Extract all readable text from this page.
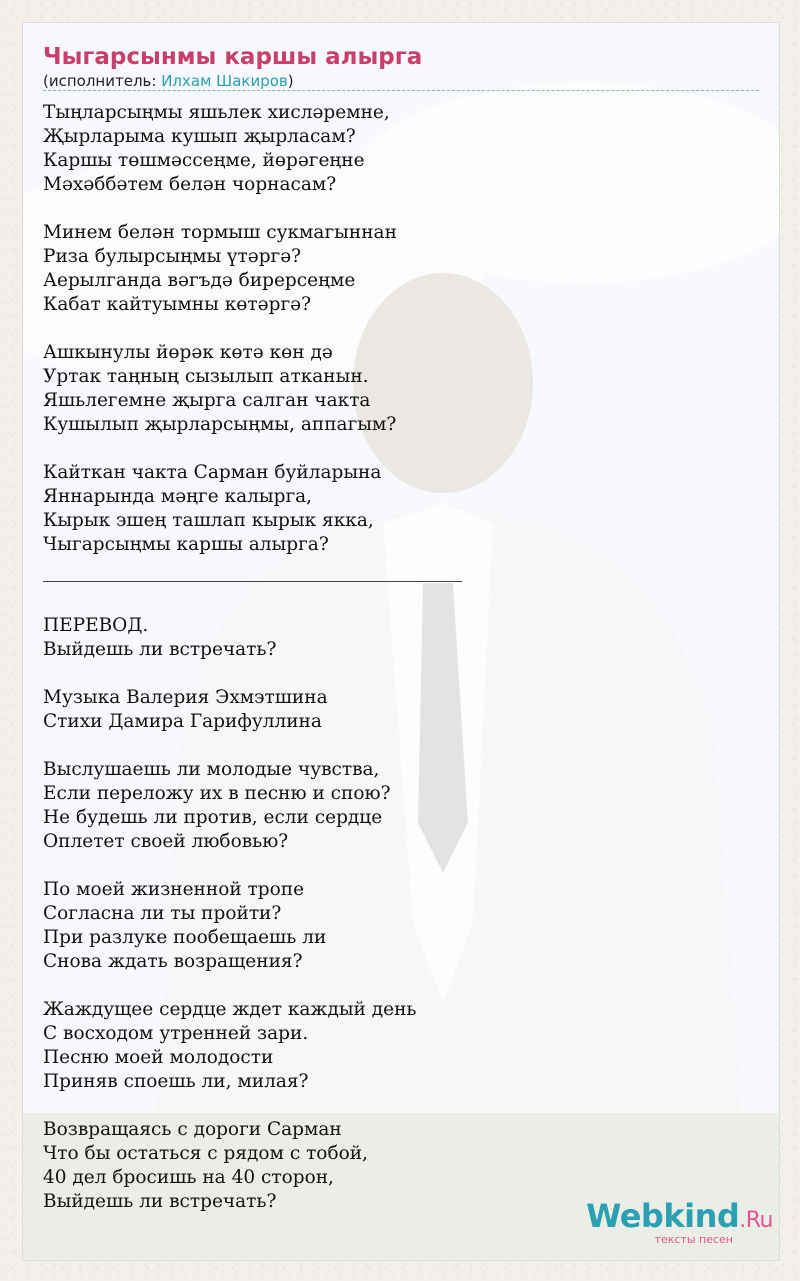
Чыгарсынмы каршы алырга
(исполнитель: Илхам Шакиров)
Тыңларсыңмы яшьлек хисләремне,
Җырларыма кушып җырласам?
Каршы төшмәссеңме, йөрәгеңне
Мәхәббәтем белән чорнасам?
Минем белән тормыш сукмагыннан
Риза булырсыңмы үтәргә?
Аерылганда вәгъдә бирерсеңме
Кабат кайтуымны көтәргә?
Ашкынулы йөрәк көтә көн дә
Уртак таңның сызылып атканын.
Яшьлегемне җырга салган чакта
Кушылып җырларсыңмы, аппагым?
Кайткан чакта Сарман буйларына
Яннарында мәңге калырга,
Кырык эшең ташлап кырык якка,
Чыгарсыңмы каршы алырга?
ПЕРЕВОД.
Выйдешь ли встречать?
Музыка Валерия Эхмэтшина
Стихи Дамира Гарифуллина
Выслушаешь ли молодые чувства,
Если переложу их в песню и спою?
Не будешь ли против, если сердце
Оплетет своей любовью?
По моей жизненной тропе
Согласна ли ты пройти?
При разлуке пообещаешь ли
Снова ждать возращения?
Жаждущее сердце ждет каждый день
С восходом утренней зари.
Песню моей молодости
Приняв споешь ли, милая?
Возвращаясь с дороги Сарман
Что бы остаться с рядом с тобой,
40 дел бросишь на 40 сторон,
Выйдешь ли встречать?	Webkind.Ru
тексты песен
